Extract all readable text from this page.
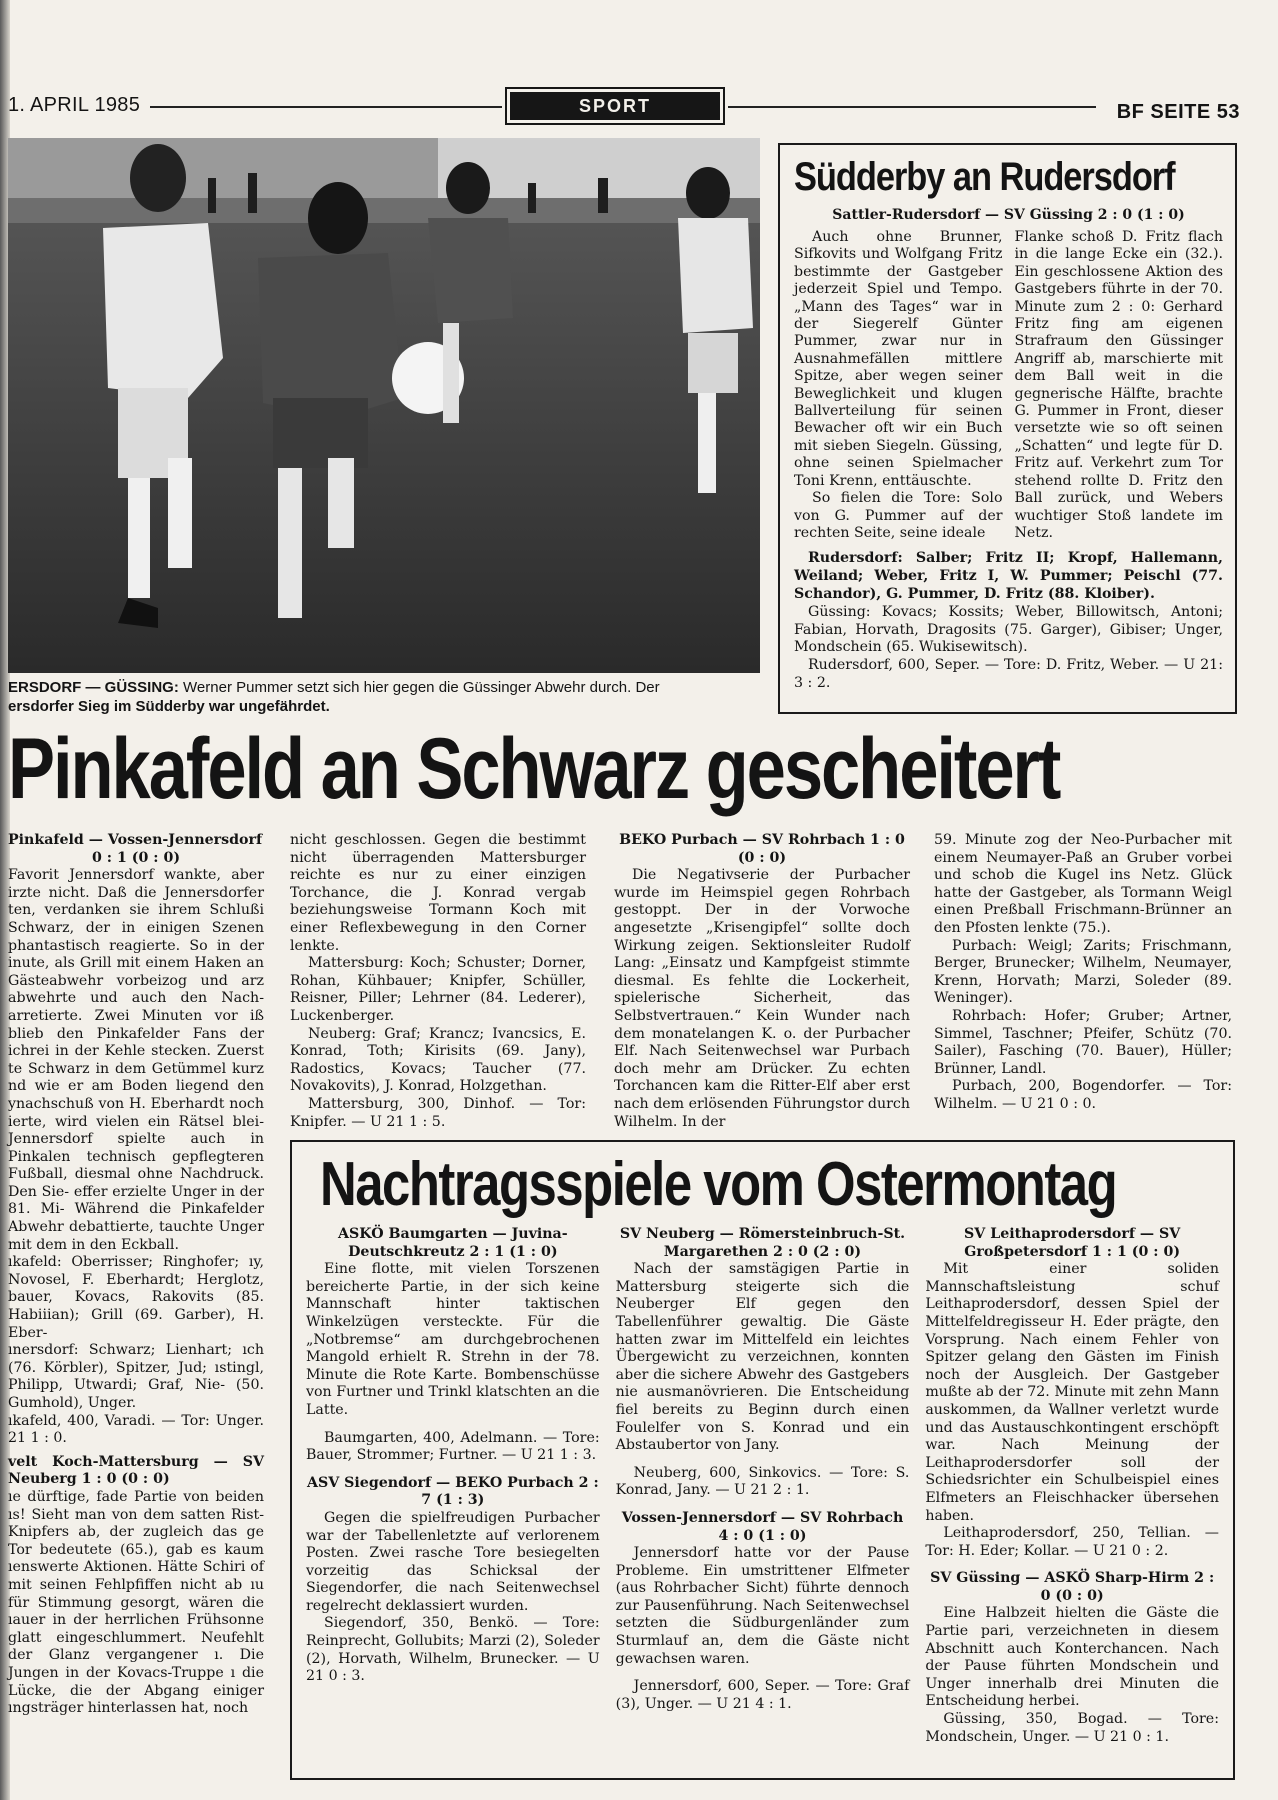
1. APRIL 1985	SPORT	BF SEITE 53
ERSDORF — GÜSSING: Werner Pummer setzt sich hier gegen die Güssinger Abwehr durch. Der
ersdorfer Sieg im Südderby war ungefährdet.
Südderby an Rudersdorf
Sattler-Rudersdorf — SV Güssing 2 : 0 (1 : 0)

Auch ohne Brunner, Sifkovits und Wolfgang Fritz bestimmte der Gastgeber jederzeit Spiel und Tempo. „Mann des Tages“ war in der Siegerelf Günter Pummer, zwar nur in Ausnahmefällen mittlere Spitze, aber wegen seiner Beweglichkeit und klugen Ballverteilung für seinen Bewacher oft wir ein Buch mit sieben Siegeln. Güssing, ohne seinen Spielmacher Toni Krenn, enttäuschte.

So fielen die Tore: Solo von G. Pummer auf der rechten Seite, seine ideale

Flanke schoß D. Fritz flach in die lange Ecke ein (32.). Ein geschlossene Aktion des Gastgebers führte in der 70. Minute zum 2 : 0: Gerhard Fritz fing am eigenen Strafraum den Güssinger Angriff ab, marschierte mit dem Ball weit in die gegnerische Hälfte, brachte G. Pummer in Front, dieser versetzte wie so oft seinen „Schatten“ und legte für D. Fritz auf. Verkehrt zum Tor stehend rollte D. Fritz den Ball zurück, und Webers wuchtiger Stoß landete im Netz.

Rudersdorf: Salber; Fritz II; Kropf, Hallemann, Weiland; Weber, Fritz I, W. Pummer; Peischl (77. Schandor), G. Pummer, D. Fritz (88. Kloiber).

Güssing: Kovacs; Kossits; Weber, Billowitsch, Antoni; Fabian, Horvath, Dragosits (75. Garger), Gibiser; Unger, Mondschein (65. Wukisewitsch).

Rudersdorf, 600, Seper. — Tore: D. Fritz, Weber. — U 21: 3 : 2.

Pinkafeld an Schwarz gescheitert

Pinkafeld — Vossen-Jennersdorf

0 : 1 (0 : 0)

Favorit Jennersdorf wankte, aber irzte nicht. Daß die Jennersdorfer ten, verdanken sie ihrem Schlußi Schwarz, der in einigen Szenen phantastisch reagierte. So in der inute, als Grill mit einem Haken an Gästeabwehr vorbeizog und arz abwehrte und auch den Nach- arretierte. Zwei Minuten vor iß blieb den Pinkafelder Fans der ichrei in der Kehle stecken. Zuerst te Schwarz in dem Getümmel kurz nd wie er am Boden liegend den ynachschuß von H. Eberhardt noch ierte, wird vielen ein Rätsel blei- Jennersdorf spielte auch in Pinkalen technisch gepflegteren Fußball, diesmal ohne Nachdruck. Den Sie- effer erzielte Unger in der 81. Mi- Während die Pinkafelder Abwehr debattierte, tauchte Unger mit dem in den Eckball.

ıkafeld: Oberrisser; Ringhofer; ıy, Novosel, F. Eberhardt; Herglotz, bauer, Kovacs, Rakovits (85. Habiiian); Grill (69. Garber), H. Eber-

ınersdorf: Schwarz; Lienhart; ıch (76. Körbler), Spitzer, Jud; ıstingl, Philipp, Utwardi; Graf, Nie- (50. Gumhold), Unger.

ıkafeld, 400, Varadi. — Tor: Unger. 21 1 : 0.

velt Koch-Mattersburg — SV Neuberg 1 : 0 (0 : 0)

ıe dürftige, fade Partie von beiden ıs! Sieht man von dem satten Rist- Knipfers ab, der zugleich das ge Tor bedeutete (65.), gab es kaum ıenswerte Aktionen. Hätte Schiri of mit seinen Fehlpfiffen nicht ab ıu für Stimmung gesorgt, wären die ıauer in der herrlichen Frühsonne glatt eingeschlummert. Neufehlt der Glanz vergangener ı. Die Jungen in der Kovacs-Truppe ı die Lücke, die der Abgang einiger ıngsträger hinterlassen hat, noch

nicht geschlossen. Gegen die bestimmt nicht überragenden Mattersburger reichte es nur zu einer einzigen Torchance, die J. Konrad vergab beziehungsweise Tormann Koch mit einer Reflexbewegung in den Corner lenkte.

Mattersburg: Koch; Schuster; Dorner, Rohan, Kühbauer; Knipfer, Schüller, Reisner, Piller; Lehrner (84. Lederer), Luckenberger.

Neuberg: Graf; Krancz; Ivancsics, E. Konrad, Toth; Kirisits (69. Jany), Radostics, Kovacs; Taucher (77. Novakovits), J. Konrad, Holzgethan.

Mattersburg, 300, Dinhof. — Tor: Knipfer. — U 21 1 : 5.

BEKO Purbach — SV Rohrbach 1 : 0

(0 : 0)

Die Negativserie der Purbacher wurde im Heimspiel gegen Rohrbach gestoppt. Der in der Vorwoche angesetzte „Krisengipfel“ sollte doch Wirkung zeigen. Sektionsleiter Rudolf Lang: „Einsatz und Kampfgeist stimmte diesmal. Es fehlte die Lockerheit, spielerische Sicherheit, das Selbstvertrauen.“ Kein Wunder nach dem monatelangen K. o. der Purbacher Elf. Nach Seitenwechsel war Purbach doch mehr am Drücker. Zu echten Torchancen kam die Ritter-Elf aber erst nach dem erlösenden Führungstor durch Wilhelm. In der

59. Minute zog der Neo-Purbacher mit einem Neumayer-Paß an Gruber vorbei und schob die Kugel ins Netz. Glück hatte der Gastgeber, als Tormann Weigl einen Preßball Frischmann-Brünner an den Pfosten lenkte (75.).

Purbach: Weigl; Zarits; Frischmann, Berger, Brunecker; Wilhelm, Neumayer, Krenn, Horvath; Marzi, Soleder (89. Weninger).

Rohrbach: Hofer; Gruber; Artner, Simmel, Taschner; Pfeifer, Schütz (70. Sailer), Fasching (70. Bauer), Hüller; Brünner, Landl.

Purbach, 200, Bogendorfer. — Tor: Wilhelm. — U 21 0 : 0.

Nachtragsspiele vom Ostermontag

ASKÖ Baumgarten — Juvina-Deutschkreutz 2 : 1 (1 : 0)

Eine flotte, mit vielen Torszenen bereicherte Partie, in der sich keine Mannschaft hinter taktischen Winkelzügen versteckte. Für die „Notbremse“ am durchgebrochenen Mangold erhielt R. Strehn in der 78. Minute die Rote Karte. Bombenschüsse von Furtner und Trinkl klatschten an die Latte.

Baumgarten, 400, Adelmann. — Tore: Bauer, Strommer; Furtner. — U 21 1 : 3.

ASV Siegendorf — BEKO Purbach 2 : 7 (1 : 3)

Gegen die spielfreudigen Purbacher war der Tabellenletzte auf verlorenem Posten. Zwei rasche Tore besiegelten vorzeitig das Schicksal der Siegendorfer, die nach Seitenwechsel regelrecht deklassiert wurden.

Siegendorf, 350, Benkö. — Tore: Reinprecht, Gollubits; Marzi (2), Soleder (2), Horvath, Wilhelm, Brunecker. — U 21 0 : 3.

SV Neuberg — Römersteinbruch-St. Margarethen 2 : 0 (2 : 0)

Nach der samstägigen Partie in Mattersburg steigerte sich die Neuberger Elf gegen den Tabellenführer gewaltig. Die Gäste hatten zwar im Mittelfeld ein leichtes Übergewicht zu verzeichnen, konnten aber die sichere Abwehr des Gastgebers nie ausmanövrieren. Die Entscheidung fiel bereits zu Beginn durch einen Foulelfer von S. Konrad und ein Abstaubertor von Jany.

Neuberg, 600, Sinkovics. — Tore: S. Konrad, Jany. — U 21 2 : 1.

Vossen-Jennersdorf — SV Rohrbach 4 : 0 (1 : 0)

Jennersdorf hatte vor der Pause Probleme. Ein umstrittener Elfmeter (aus Rohrbacher Sicht) führte dennoch zur Pausenführung. Nach Seitenwechsel setzten die Südburgenländer zum Sturmlauf an, dem die Gäste nicht gewachsen waren.

Jennersdorf, 600, Seper. — Tore: Graf (3), Unger. — U 21 4 : 1.

SV Leithaprodersdorf — SV Großpetersdorf 1 : 1 (0 : 0)

Mit einer soliden Mannschaftsleistung schuf Leithaprodersdorf, dessen Spiel der Mittelfeldregisseur H. Eder prägte, den Vorsprung. Nach einem Fehler von Spitzer gelang den Gästen im Finish noch der Ausgleich. Der Gastgeber mußte ab der 72. Minute mit zehn Mann auskommen, da Wallner verletzt wurde und das Austauschkontingent erschöpft war. Nach Meinung der Leithaprodersdorfer soll der Schiedsrichter ein Schulbeispiel eines Elfmeters an Fleischhacker übersehen haben.

Leithaprodersdorf, 250, Tellian. — Tor: H. Eder; Kollar. — U 21 0 : 2.

SV Güssing — ASKÖ Sharp-Hirm 2 : 0 (0 : 0)

Eine Halbzeit hielten die Gäste die Partie pari, verzeichneten in diesem Abschnitt auch Konterchancen. Nach der Pause führten Mondschein und Unger innerhalb drei Minuten die Entscheidung herbei.

Güssing, 350, Bogad. — Tore: Mondschein, Unger. — U 21 0 : 1.
